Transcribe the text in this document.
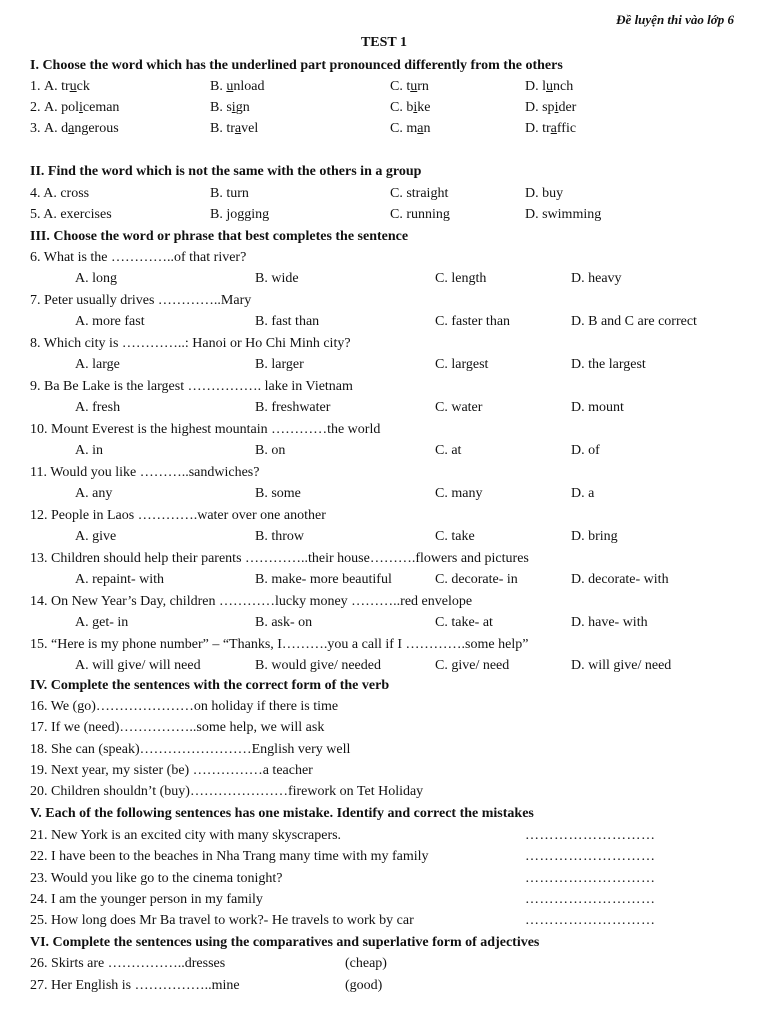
Đề luyện thi vào lớp 6
TEST 1
I. Choose the word which has the underlined part pronounced differently from the others
1. A. truck	B. unload	C. turn	D. lunch
2. A. policeman	B. sign	C. bike	D. spider
3. A. dangerous	B. travel	C. man	D. traffic
II. Find the word which is not the same with the others in a group
4. A. cross	B. turn	C. straight	D. buy
5. A. exercises	B. jogging	C. running	D. swimming
III. Choose the word or phrase that best completes the sentence
6. What is the …………..of that river?
A. long	B. wide	C. length	D. heavy
7. Peter usually drives …………..Mary
A. more fast	B. fast than	C. faster than	D. B and C are correct
8. Which city is …………..: Hanoi or Ho Chi Minh city?
A. large	B. larger	C. largest	D. the largest
9. Ba Be Lake is the largest ……………. lake in Vietnam
A. fresh	B. freshwater	C. water	D. mount
10. Mount Everest is the highest mountain …………the world
A. in	B. on	C. at	D. of
11. Would you like ………..sandwiches?
A. any	B. some	C. many	D. a
12. People in Laos ………….water over one another
A. give	B. throw	C. take	D. bring
13. Children should help their parents …………..their house……….flowers and pictures
A. repaint- with	B. make- more beautiful	C. decorate- in	D. decorate- with
14. On New Year’s Day, children …………lucky money ………..red envelope
A. get- in	B. ask- on	C. take- at	D. have- with
15. “Here is my phone number” – “Thanks, I……….you a call if I ………….some help”
A. will give/ will need	B. would give/ needed	C. give/ need	D. will give/ need
IV. Complete the sentences with the correct form of the verb
16. We (go)…………………on holiday if there is time
17. If we (need)……………..some help, we will ask
18. She can (speak)……………………English very well
19. Next year, my sister (be) ……………a teacher
20. Children shouldn’t (buy)…………………firework on Tet Holiday
V. Each of the following sentences has one mistake. Identify and correct the mistakes
21. New York is an excited city with many skyscrapers.	………………………
22. I have been to the beaches in Nha Trang many time with my family	………………………
23. Would you like go to the cinema tonight?	………………………
24. I am the younger person in my family	………………………
25. How long does Mr Ba travel to work?- He travels to work by car	………………………
VI. Complete the sentences using the comparatives and superlative form of adjectives
26. Skirts are ……………..dresses	(cheap)
27. Her English is ……………..mine	(good)
